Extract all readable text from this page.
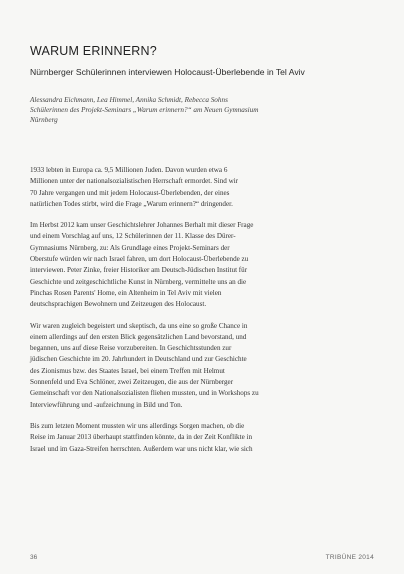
WARUM ERINNERN?
Nürnberger Schülerinnen interviewen Holocaust-Überlebende in Tel Aviv
Alessandra Eichmann, Lea Himmel, Annika Schmidt, Rebecca Sohns
Schülerinnen des Projekt-Seminars „Warum erinnern?“ am Neuen Gymnasium
Nürnberg
1933 lebten in Europa ca. 9,5 Millionen Juden. Davon wurden etwa 6
Millionen unter der nationalsozialistischen Herrschaft ermordet. Sind wir
70 Jahre vergangen und mit jedem Holocaust-Überlebenden, der eines
natürlichen Todes stirbt, wird die Frage „Warum erinnern?“ dringender.
Im Herbst 2012 kam unser Geschichtslehrer Johannes Berhalt mit dieser Frage
und einem Vorschlag auf uns, 12 Schülerinnen der 11. Klasse des Dürer-
Gymnasiums Nürnberg, zu: Als Grundlage eines Projekt-Seminars der
Oberstufe würden wir nach Israel fahren, um dort Holocaust-Überlebende zu
interviewen. Peter Zinke, freier Historiker am Deutsch-Jüdischen Institut für
Geschichte und zeitgeschichtliche Kunst in Nürnberg, vermittelte uns an die
Pinchas Rosen Parents' Home, ein Altenheim in Tel Aviv mit vielen
deutschsprachigen Bewohnern und Zeitzeugen des Holocaust.
Wir waren zugleich begeistert und skeptisch, da uns eine so große Chance in
einem allerdings auf den ersten Blick gegensätzlichen Land bevorstand, und
begannen, uns auf diese Reise vorzubereiten. In Geschichtsstunden zur
jüdischen Geschichte im 20. Jahrhundert in Deutschland und zur Geschichte
des Zionismus bzw. des Staates Israel, bei einem Treffen mit Helmut
Sonnenfeld und Eva Schlöner, zwei Zeitzeugen, die aus der Nürnberger
Gemeinschaft vor den Nationalsozialisten fliehen mussten, und in Workshops zu
Interviewführung und -aufzeichnung in Bild und Ton.
Bis zum letzten Moment mussten wir uns allerdings Sorgen machen, ob die
Reise im Januar 2013 überhaupt stattfinden könnte, da in der Zeit Konflikte in
Israel und im Gaza-Streifen herrschten. Außerdem war uns nicht klar, wie sich
36	TRIBÜNE 2014
